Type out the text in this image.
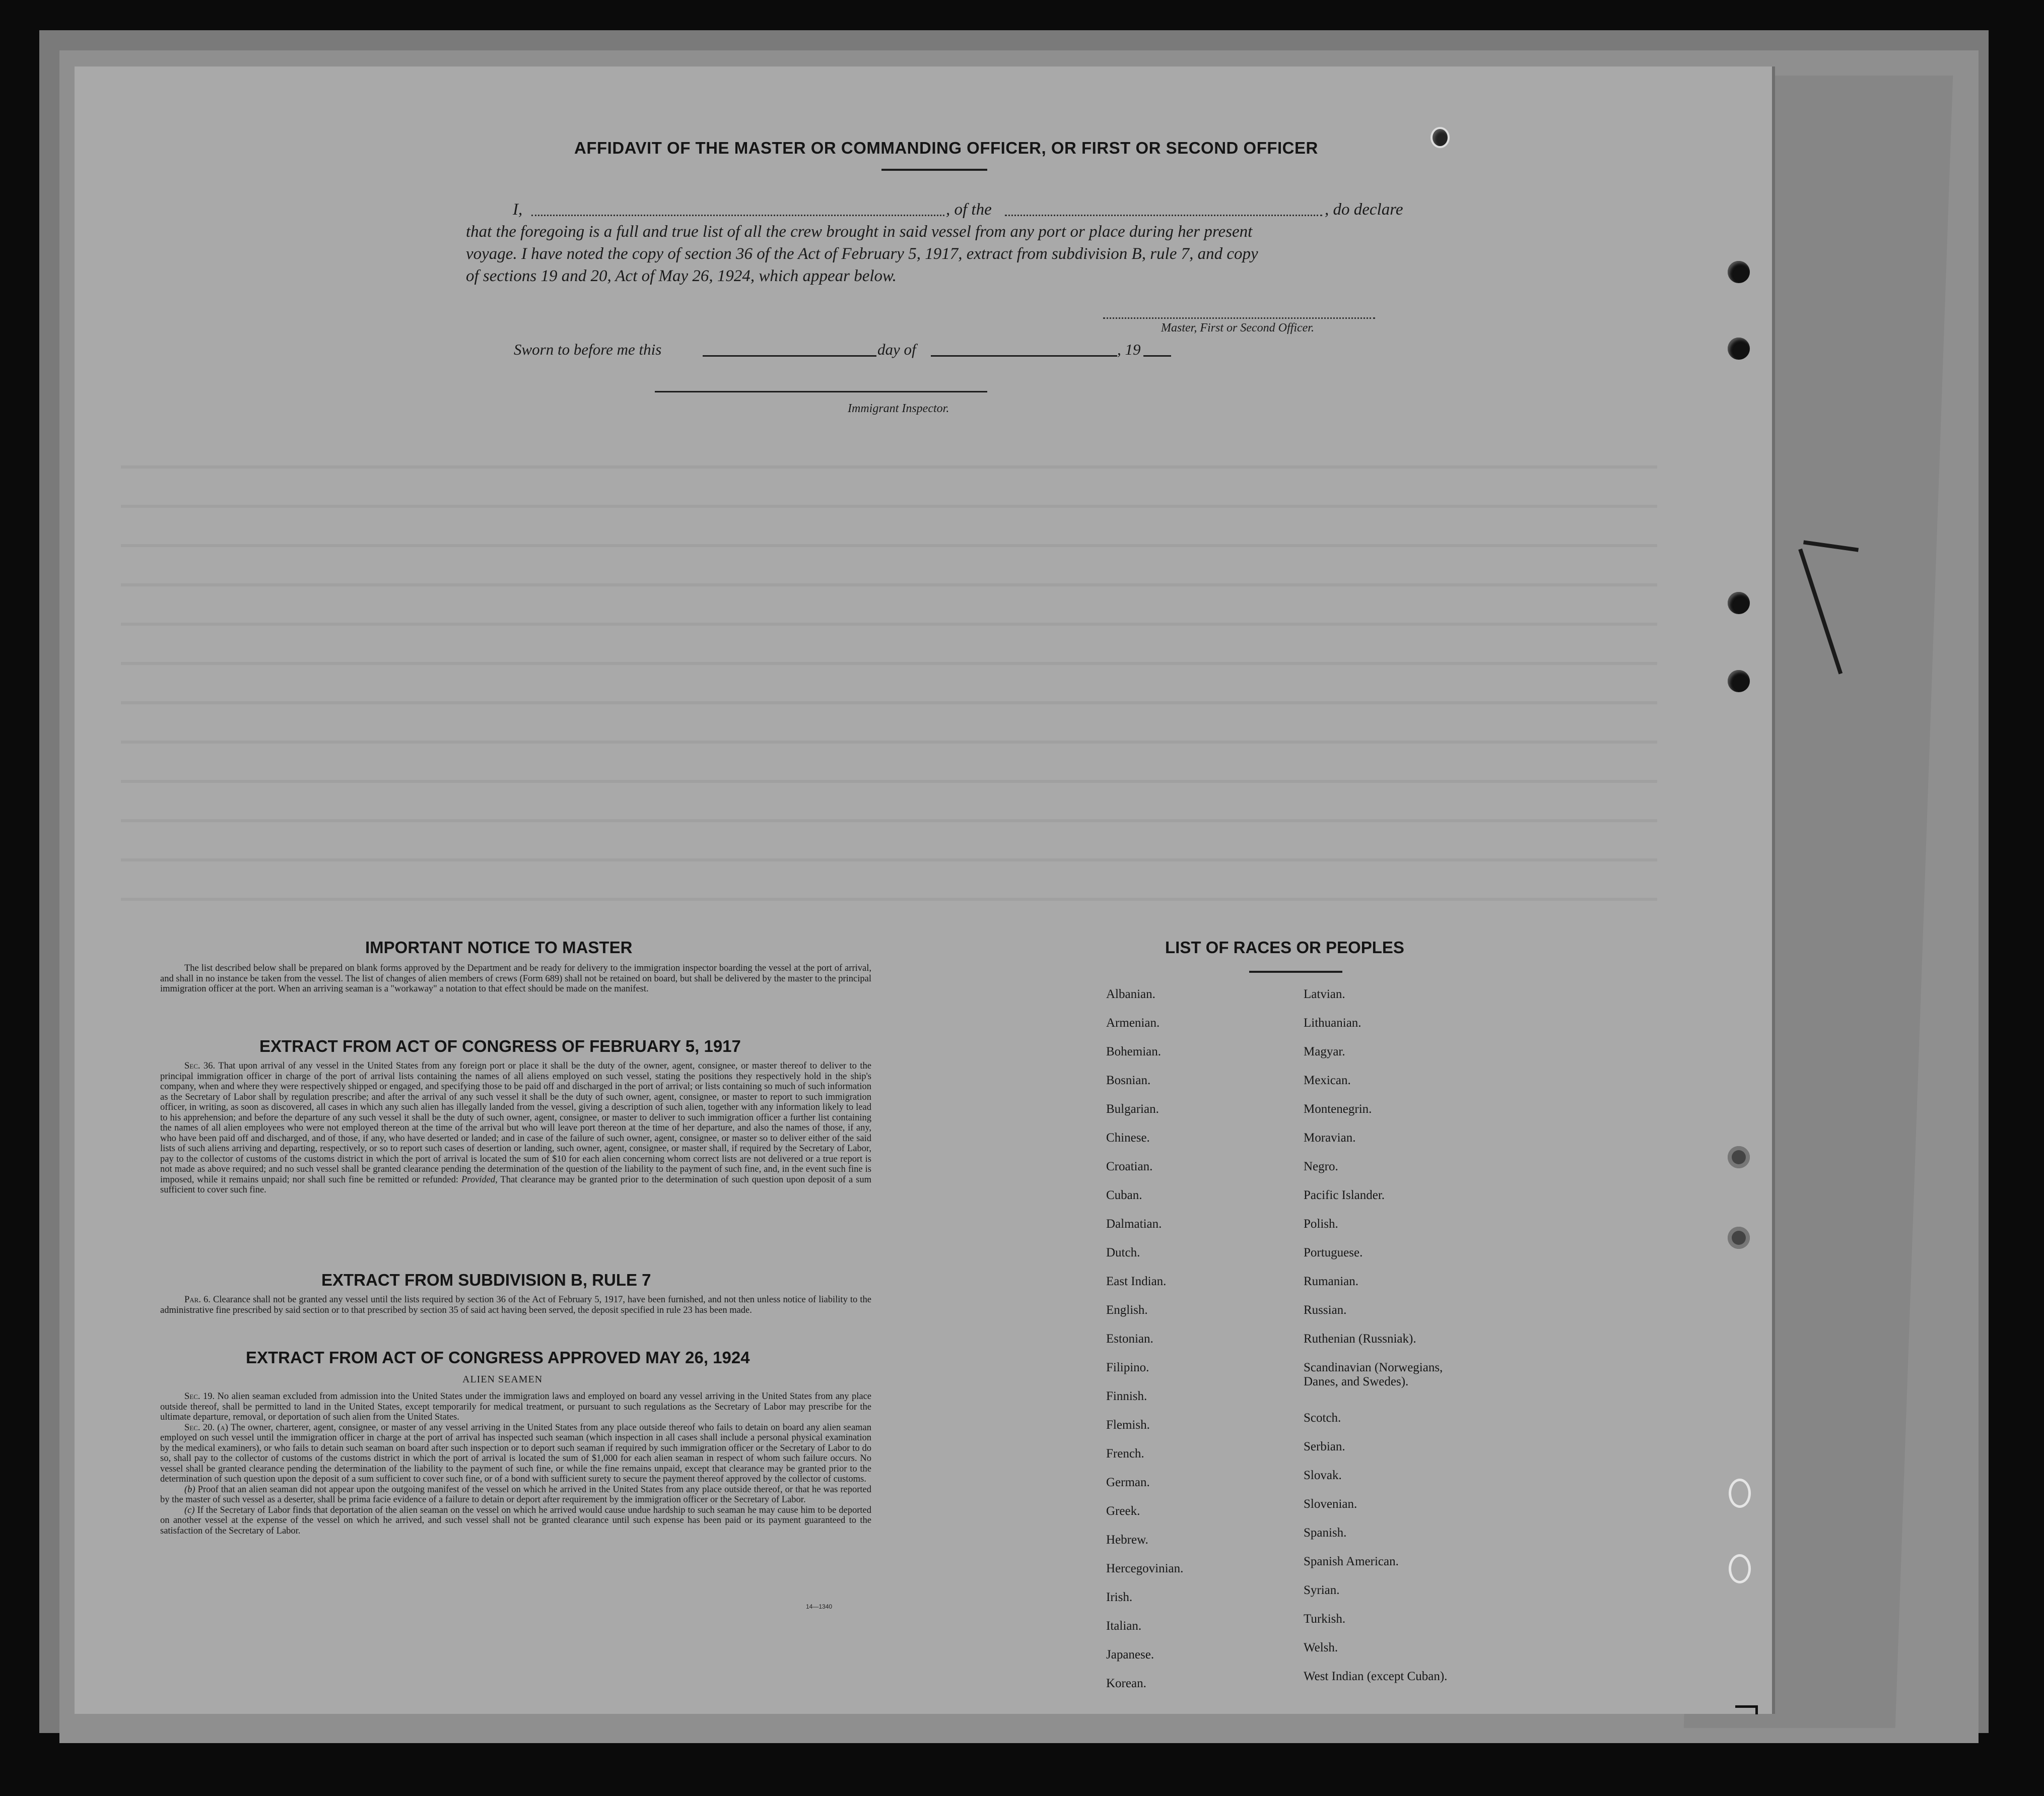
AFFIDAVIT OF THE MASTER OR COMMANDING OFFICER, OR FIRST OR SECOND OFFICER
I,	, of the	, do declare
that the foregoing is a full and true list of all the crew brought in said vessel from any port or place during her present
voyage. I have noted the copy of section 36 of the Act of February 5, 1917, extract from subdivision B, rule 7, and copy
of sections 19 and 20, Act of May 26, 1924, which appear below.
Master, First or Second Officer.
Sworn to before me this	day of	, 19
Immigrant Inspector.
IMPORTANT NOTICE TO MASTER

The list described below shall be prepared on blank forms approved by the Department and be ready for delivery to the immigration inspector boarding the vessel at the port of arrival, and shall in no instance be taken from the vessel. The list of changes of alien members of crews (Form 689) shall not be retained on board, but shall be delivered by the master to the principal immigration officer at the port. When an arriving seaman is a "workaway" a notation to that effect should be made on the manifest.

EXTRACT FROM ACT OF CONGRESS OF FEBRUARY 5, 1917

Sec. 36. That upon arrival of any vessel in the United States from any foreign port or place it shall be the duty of the owner, agent, consignee, or master thereof to deliver to the principal immigration officer in charge of the port of arrival lists containing the names of all aliens employed on such vessel, stating the positions they respectively hold in the ship's company, when and where they were respectively shipped or engaged, and specifying those to be paid off and discharged in the port of arrival; or lists containing so much of such information as the Secretary of Labor shall by regulation prescribe; and after the arrival of any such vessel it shall be the duty of such owner, agent, consignee, or master to report to such immigration officer, in writing, as soon as discovered, all cases in which any such alien has illegally landed from the vessel, giving a description of such alien, together with any information likely to lead to his apprehension; and before the departure of any such vessel it shall be the duty of such owner, agent, consignee, or master to deliver to such immigration officer a further list containing the names of all alien employees who were not employed thereon at the time of the arrival but who will leave port thereon at the time of her departure, and also the names of those, if any, who have been paid off and discharged, and of those, if any, who have deserted or landed; and in case of the failure of such owner, agent, consignee, or master so to deliver either of the said lists of such aliens arriving and departing, respectively, or so to report such cases of desertion or landing, such owner, agent, consignee, or master shall, if required by the Secretary of Labor, pay to the collector of customs of the customs district in which the port of arrival is located the sum of $10 for each alien concerning whom correct lists are not delivered or a true report is not made as above required; and no such vessel shall be granted clearance pending the determination of the question of the liability to the payment of such fine, and, in the event such fine is imposed, while it remains unpaid; nor shall such fine be remitted or refunded: Provided, That clearance may be granted prior to the determination of such question upon deposit of a sum sufficient to cover such fine.

EXTRACT FROM SUBDIVISION B, RULE 7

Par. 6. Clearance shall not be granted any vessel until the lists required by section 36 of the Act of February 5, 1917, have been furnished, and not then unless notice of liability to the administrative fine prescribed by said section or to that prescribed by section 35 of said act having been served, the deposit specified in rule 23 has been made.

EXTRACT FROM ACT OF CONGRESS APPROVED MAY 26, 1924
ALIEN SEAMEN

Sec. 19. No alien seaman excluded from admission into the United States under the immigration laws and employed on board any vessel arriving in the United States from any place outside thereof, shall be permitted to land in the United States, except temporarily for medical treatment, or pursuant to such regulations as the Secretary of Labor may prescribe for the ultimate departure, removal, or deportation of such alien from the United States.

Sec. 20. (a) The owner, charterer, agent, consignee, or master of any vessel arriving in the United States from any place outside thereof who fails to detain on board any alien seaman employed on such vessel until the immigration officer in charge at the port of arrival has inspected such seaman (which inspection in all cases shall include a personal physical examination by the medical examiners), or who fails to detain such seaman on board after such inspection or to deport such seaman if required by such immigration officer or the Secretary of Labor to do so, shall pay to the collector of customs of the customs district in which the port of arrival is located the sum of $1,000 for each alien seaman in respect of whom such failure occurs. No vessel shall be granted clearance pending the determination of the liability to the payment of such fine, or while the fine remains unpaid, except that clearance may be granted prior to the determination of such question upon the deposit of a sum sufficient to cover such fine, or of a bond with sufficient surety to secure the payment thereof approved by the collector of customs.

(b) Proof that an alien seaman did not appear upon the outgoing manifest of the vessel on which he arrived in the United States from any place outside thereof, or that he was reported by the master of such vessel as a deserter, shall be prima facie evidence of a failure to detain or deport after requirement by the immigration officer or the Secretary of Labor.

(c) If the Secretary of Labor finds that deportation of the alien seaman on the vessel on which he arrived would cause undue hardship to such seaman he may cause him to be deported on another vessel at the expense of the vessel on which he arrived, and such vessel shall not be granted clearance until such expense has been paid or its payment guaranteed to the satisfaction of the Secretary of Labor.

14—1340
LIST OF RACES OR PEOPLES
Albanian.
Armenian.
Bohemian.
Bosnian.
Bulgarian.
Chinese.
Croatian.
Cuban.
Dalmatian.
Dutch.
East Indian.
English.
Estonian.
Filipino.
Finnish.
Flemish.
French.
German.
Greek.
Hebrew.
Hercegovinian.
Irish.
Italian.
Japanese.
Korean.
Latvian.
Lithuanian.
Magyar.
Mexican.
Montenegrin.
Moravian.
Negro.
Pacific Islander.
Polish.
Portuguese.
Rumanian.
Russian.
Ruthenian (Russniak).
Scandinavian (Norwegians, Danes, and Swedes).
Scotch.
Serbian.
Slovak.
Slovenian.
Spanish.
Spanish American.
Syrian.
Turkish.
Welsh.
West Indian (except Cuban).
